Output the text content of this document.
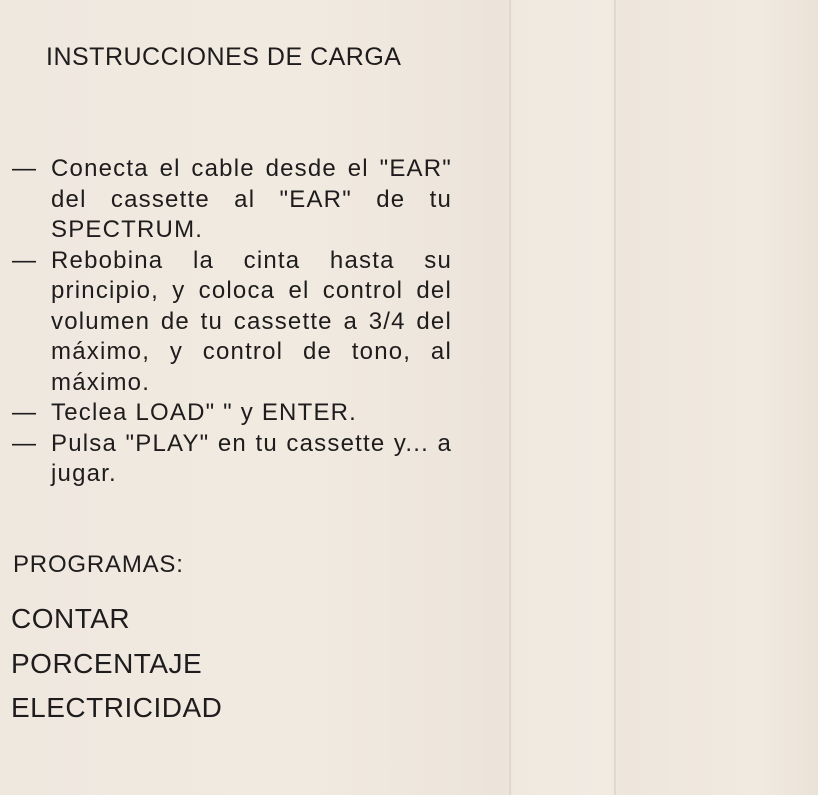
INSTRUCCIONES DE CARGA
— Conecta el cable desde el "EAR" del cassette al "EAR" de tu SPECTRUM.
— Rebobina la cinta hasta su principio, y coloca el control del volumen de tu cassette a 3/4 del máximo, y control de tono, al máximo.
— Teclea LOAD" " y ENTER.
— Pulsa "PLAY" en tu cassette y... a jugar.
PROGRAMAS:
CONTAR
PORCENTAJE
ELECTRICIDAD
